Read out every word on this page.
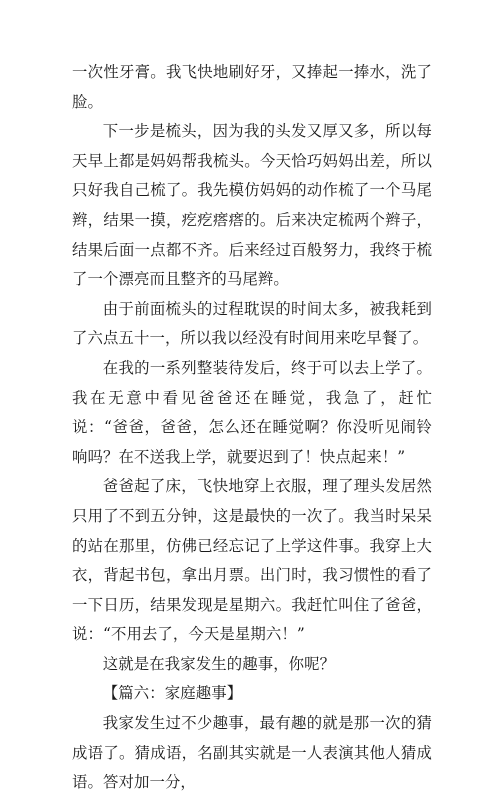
一次性牙膏。我飞快地刷好牙，又捧起一捧水，洗了脸。

下一步是梳头，因为我的头发又厚又多，所以每天早上都是妈妈帮我梳头。今天恰巧妈妈出差，所以只好我自己梳了。我先模仿妈妈的动作梳了一个马尾辫，结果一摸，疙疙瘩瘩的。后来决定梳两个辫子，结果后面一点都不齐。后来经过百般努力，我终于梳了一个漂亮而且整齐的马尾辫。

由于前面梳头的过程耽误的时间太多，被我耗到了六点五十一，所以我以经没有时间用来吃早餐了。

在我的一系列整装待发后，终于可以去上学了。我在无意中看见爸爸还在睡觉，我急了，赶忙说：“爸爸，爸爸，怎么还在睡觉啊？你没听见闹铃响吗？在不送我上学，就要迟到了！快点起来！”

爸爸起了床，飞快地穿上衣服，理了理头发居然只用了不到五分钟，这是最快的一次了。我当时呆呆的站在那里，仿佛已经忘记了上学这件事。我穿上大衣，背起书包，拿出月票。出门时，我习惯性的看了一下日历，结果发现是星期六。我赶忙叫住了爸爸，说：“不用去了，今天是星期六！”

这就是在我家发生的趣事，你呢？

【篇六：家庭趣事】

我家发生过不少趣事，最有趣的就是那一次的猜成语了。猜成语，名副其实就是一人表演其他人猜成语。答对加一分，
